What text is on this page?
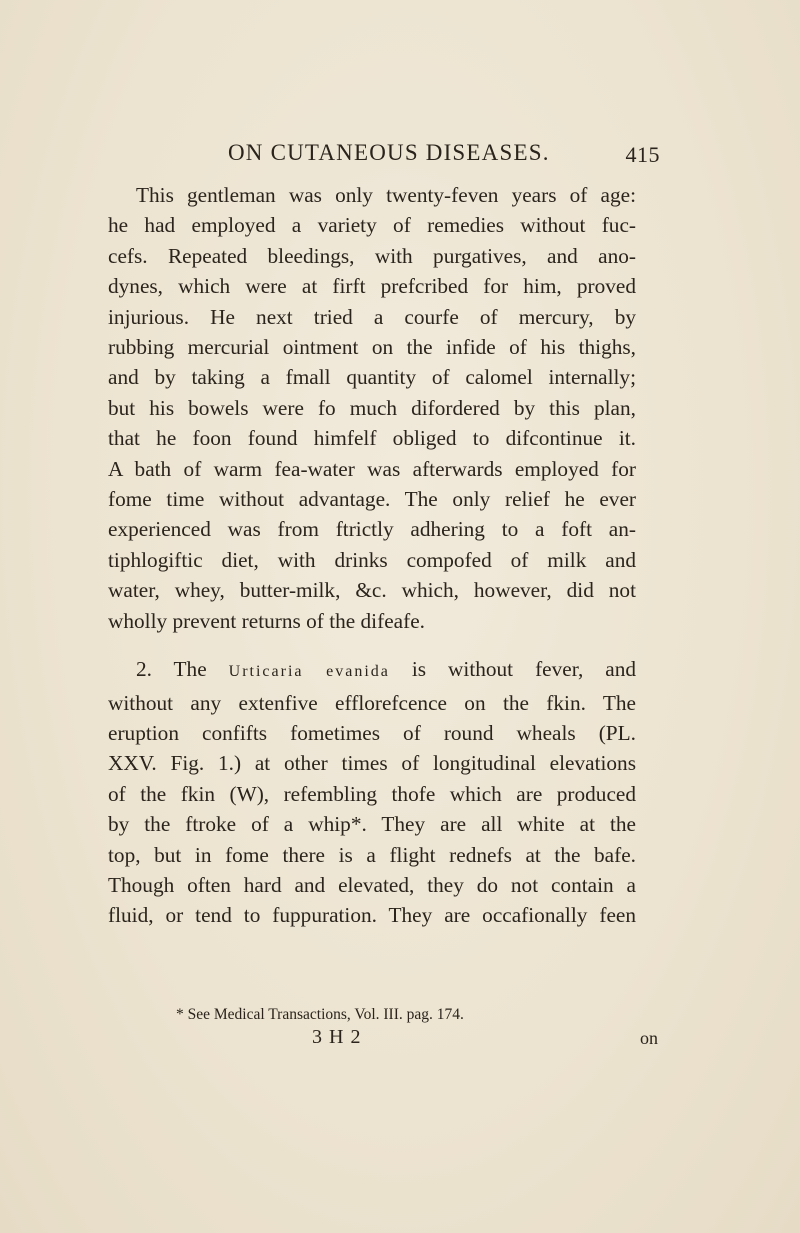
ON CUTANEOUS DISEASES.	415
This gentleman was only twenty-feven years of age:
he had employed a variety of remedies without fuc-
cefs. Repeated bleedings, with purgatives, and ano-
dynes, which were at firft prefcribed for him, proved
injurious. He next tried a courfe of mercury, by
rubbing mercurial ointment on the infide of his thighs,
and by taking a fmall quantity of calomel internally;
but his bowels were fo much difordered by this plan,
that he foon found himfelf obliged to difcontinue it.
A bath of warm fea-water was afterwards employed for
fome time without advantage. The only relief he ever
experienced was from ftrictly adhering to a foft an-
tiphlogiftic diet, with drinks compofed of milk and
water, whey, butter-milk, &c. which, however, did not
wholly prevent returns of the difeafe.
2. The Urticaria evanida is without fever, and
without any extenfive efflorefcence on the fkin. The
eruption confifts fometimes of round wheals (PL.
XXV. Fig. 1.) at other times of longitudinal elevations
of the fkin (W), refembling thofe which are produced
by the ftroke of a whip*. They are all white at the
top, but in fome there is a flight rednefs at the bafe.
Though often hard and elevated, they do not contain a
fluid, or tend to fuppuration. They are occafionally feen
* See Medical Transactions, Vol. III. pag. 174.
3 H 2	on
